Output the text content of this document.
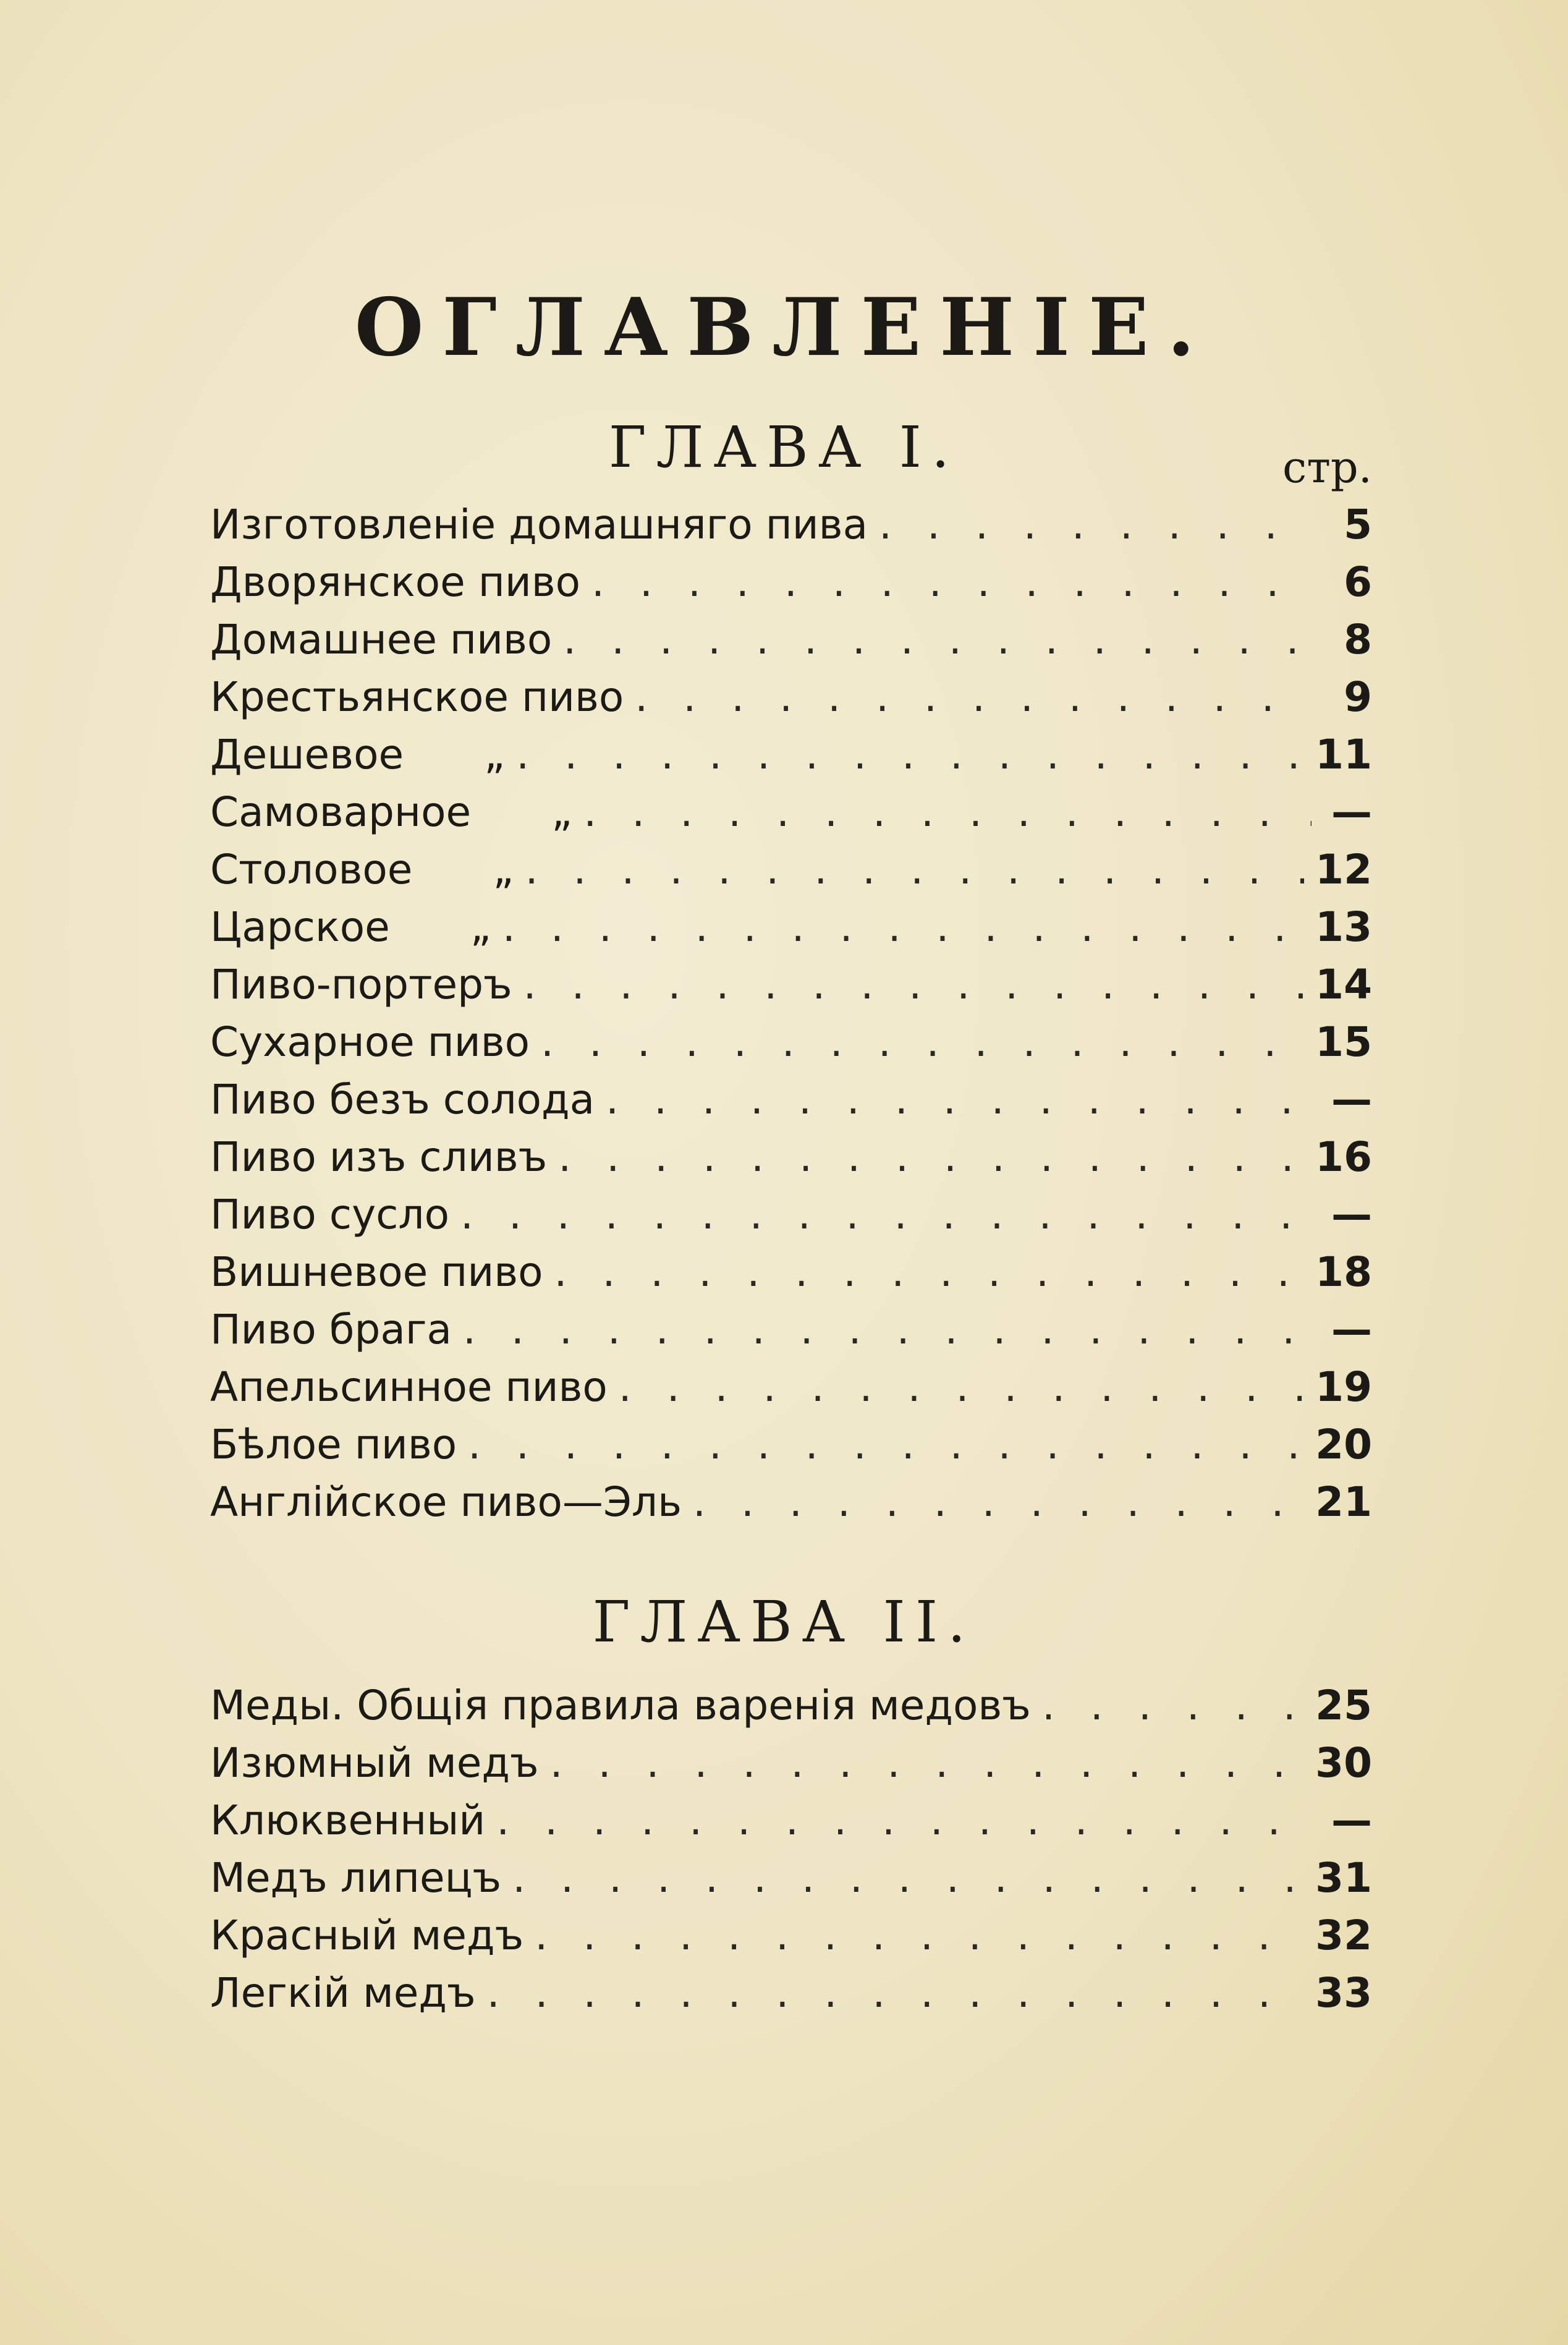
ОГЛАВЛЕНІЕ.
ГЛАВА I.	стр.
Изготовленіе домашняго пива . . .	5
Дворянское пиво . . .	6
Домашнее пиво . . .	8
Крестьянское пиво . . .	9
Дешевое „ . . .	11
Самоварное „ . . .	—
Столовое „ . . .	12
Царское „ . . .	13
Пиво-портеръ . . .	14
Сухарное пиво . . .	15
Пиво безъ солода . . .	—
Пиво изъ сливъ . . .	16
Пиво сусло . . .	—
Вишневое пиво . . .	18
Пиво брага . . .	—
Апельсинное пиво . . .	19
Бѣлое пиво . . .	20
Англійское пиво—Эль . . .	21
ГЛАВА II.
Меды. Общія правила варенія медовъ . . .	25
Изюмный медъ . . .	30
Клюквенный . . .	—
Медъ липецъ . . .	31
Красный медъ . . .	32
Легкій медъ . . .	33
